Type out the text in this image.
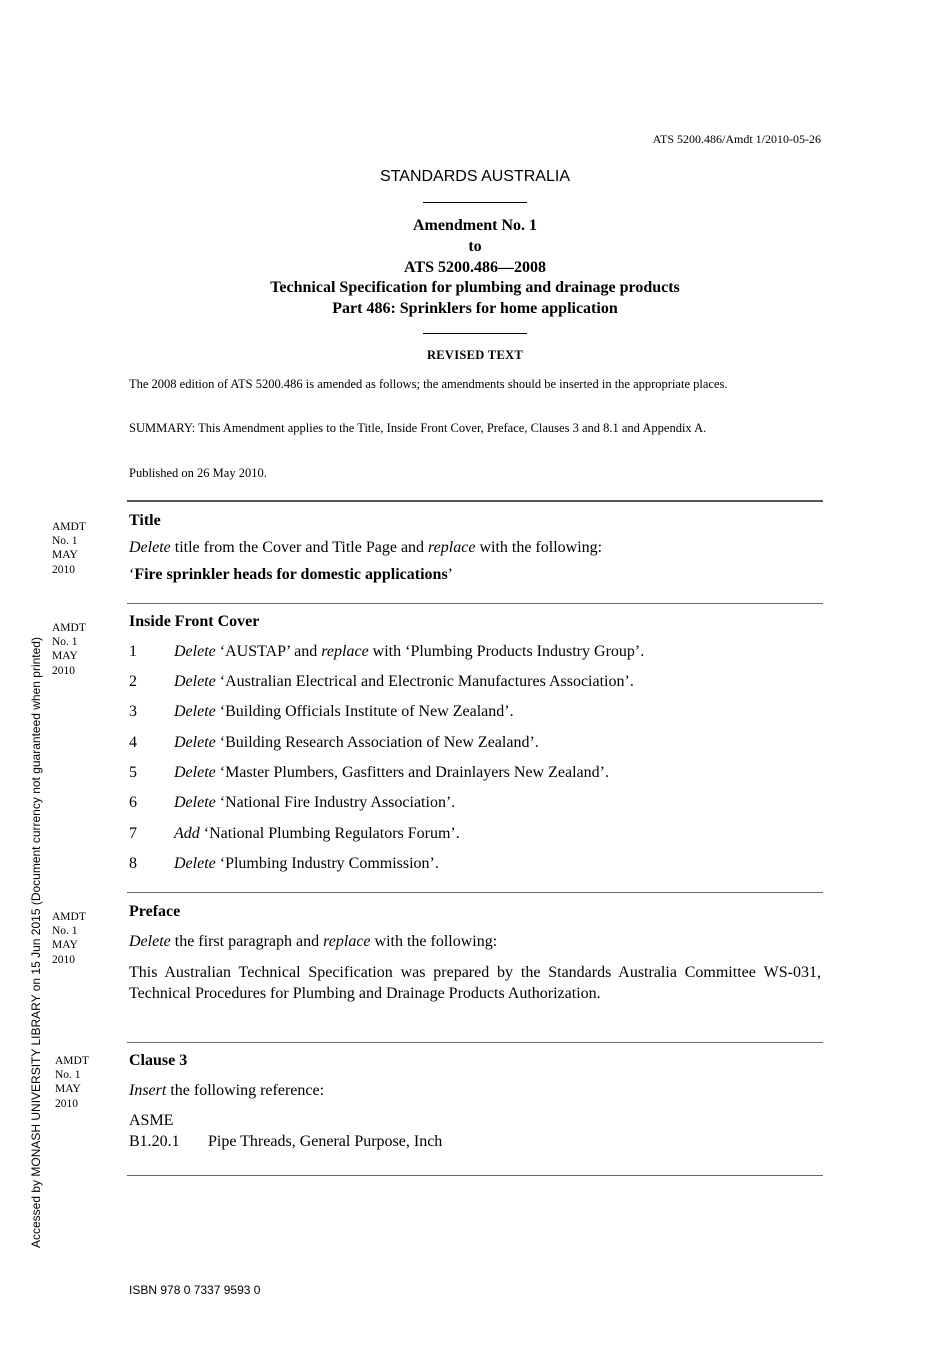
ATS 5200.486/Amdt 1/2010-05-26
STANDARDS AUSTRALIA
Amendment No. 1
to
ATS 5200.486—2008
Technical Specification for plumbing and drainage products
Part 486: Sprinklers for home application
REVISED TEXT
The 2008 edition of ATS 5200.486 is amended as follows; the amendments should be inserted in the appropriate places.
SUMMARY: This Amendment applies to the Title, Inside Front Cover, Preface, Clauses 3 and 8.1 and Appendix A.
Published on 26 May 2010.
AMDT
No. 1
MAY
2010
Title
Delete title from the Cover and Title Page and replace with the following:
‘Fire sprinkler heads for domestic applications’
AMDT
No. 1
MAY
2010
Inside Front Cover
1 Delete ‘AUSTAP’ and replace with ‘Plumbing Products Industry Group’.
2 Delete ‘Australian Electrical and Electronic Manufactures Association’.
3 Delete ‘Building Officials Institute of New Zealand’.
4 Delete ‘Building Research Association of New Zealand’.
5 Delete ‘Master Plumbers, Gasfitters and Drainlayers New Zealand’.
6 Delete ‘National Fire Industry Association’.
7 Add ‘National Plumbing Regulators Forum’.
8 Delete ‘Plumbing Industry Commission’.
AMDT
No. 1
MAY
2010
Preface
Delete the first paragraph and replace with the following:
This Australian Technical Specification was prepared by the Standards Australia Committee WS-031, Technical Procedures for Plumbing and Drainage Products Authorization.
AMDT
No. 1
MAY
2010
Clause 3
Insert the following reference:
ASME
B1.20.1 Pipe Threads, General Purpose, Inch
Accessed by MONASH UNIVERSITY LIBRARY on 15 Jun 2015 (Document currency not guaranteed when printed)
ISBN 978 0 7337 9593 0
